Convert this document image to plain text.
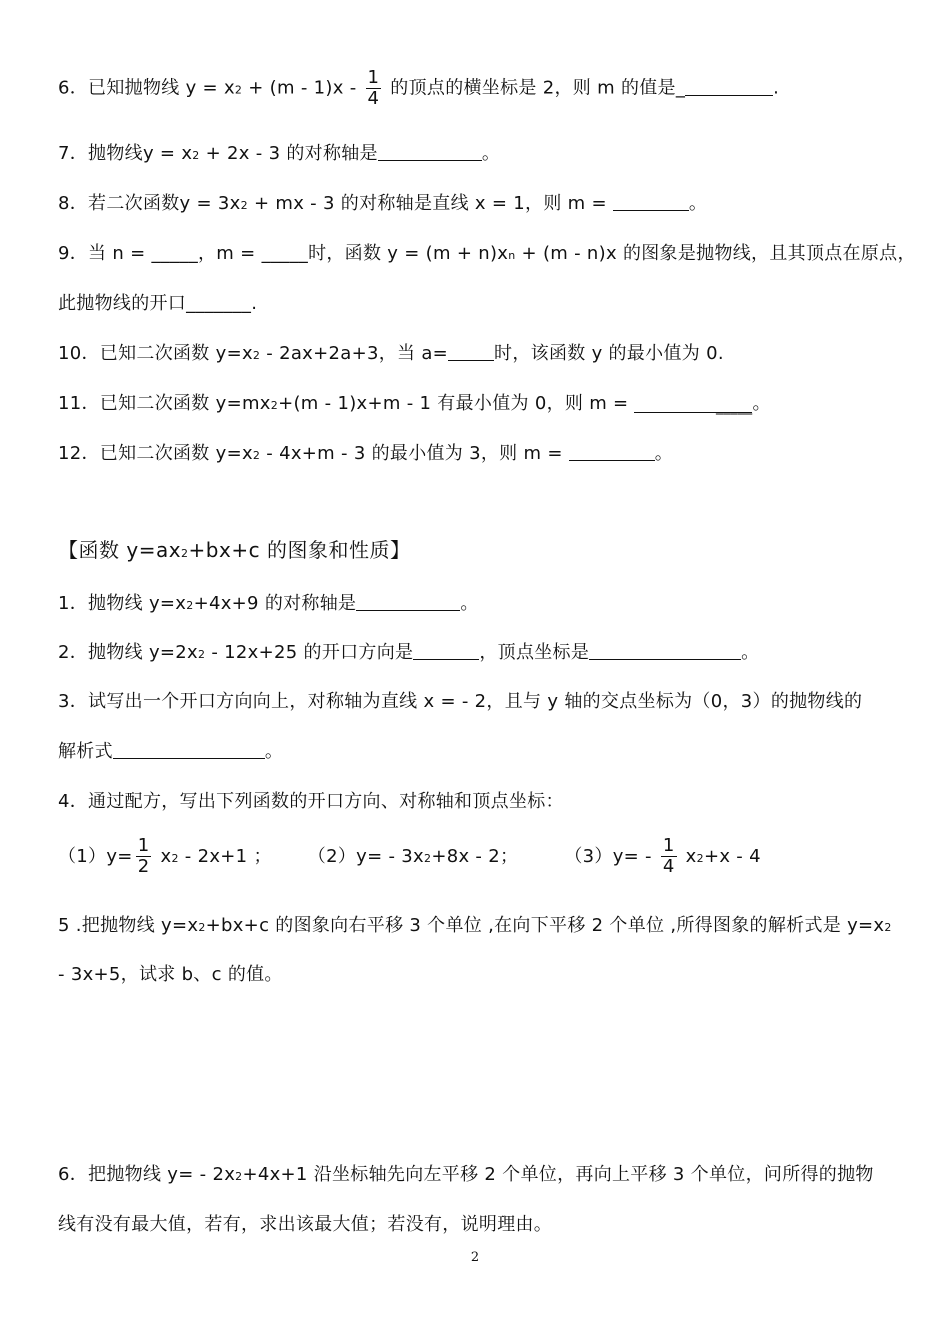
6．已知抛物线 $y = x2 + (m - 1)x - \frac{1}{4}$ 的顶点的横坐标是 2，则 m 的值是_	.
7．抛物线y = x2 + 2x - 3 的对称轴是	。
8．若二次函数y = 3x2 + mx - 3 的对称轴是直线 x = 1，则 m =	。
9．当 n = _____，m = _____时，函数 y = (m + n)xn + (m - n)x 的图象是抛物线，且其顶点在原点，
此抛物线的开口_______.
10．已知二次函数 y=x2 - 2ax+2a+3，当 a=	时，该函数 y 的最小值为 0.
11．已知二次函数 y=mx2+(m - 1)x+m - 1 有最小值为 0，则 m =	_____。
12．已知二次函数 y=x2 - 4x+m - 3 的最小值为 3，则 m =	。
【函数 y=ax2+bx+c 的图象和性质】
1．抛物线 y=x2+4x+9 的对称轴是	。
2．抛物线 y=2x2 - 12x+25 的开口方向是	，顶点坐标是	。
3．试写出一个开口方向向上，对称轴为直线 x = - 2，且与 y 轴的交点坐标为（0，3）的抛物线的
解析式	。
4．通过配方，写出下列函数的开口方向、对称轴和顶点坐标：
$(1)y= \frac{1}{2} x2 - 2x+1$ ； （2）y= - 3x2+8x - 2；	$(3)y= - \frac{1}{4} x2+x - 4$
5 .把抛物线 y=x2+bx+c 的图象向右平移 3 个单位 ,在向下平移 2 个单位 ,所得图象的解析式是 y=x2
- 3x+5，试求 b、c 的值。
6．把抛物线 y= - 2x2+4x+1 沿坐标轴先向左平移 2 个单位，再向上平移 3 个单位，问所得的抛物
线有没有最大值，若有，求出该最大值；若没有，说明理由。
2
